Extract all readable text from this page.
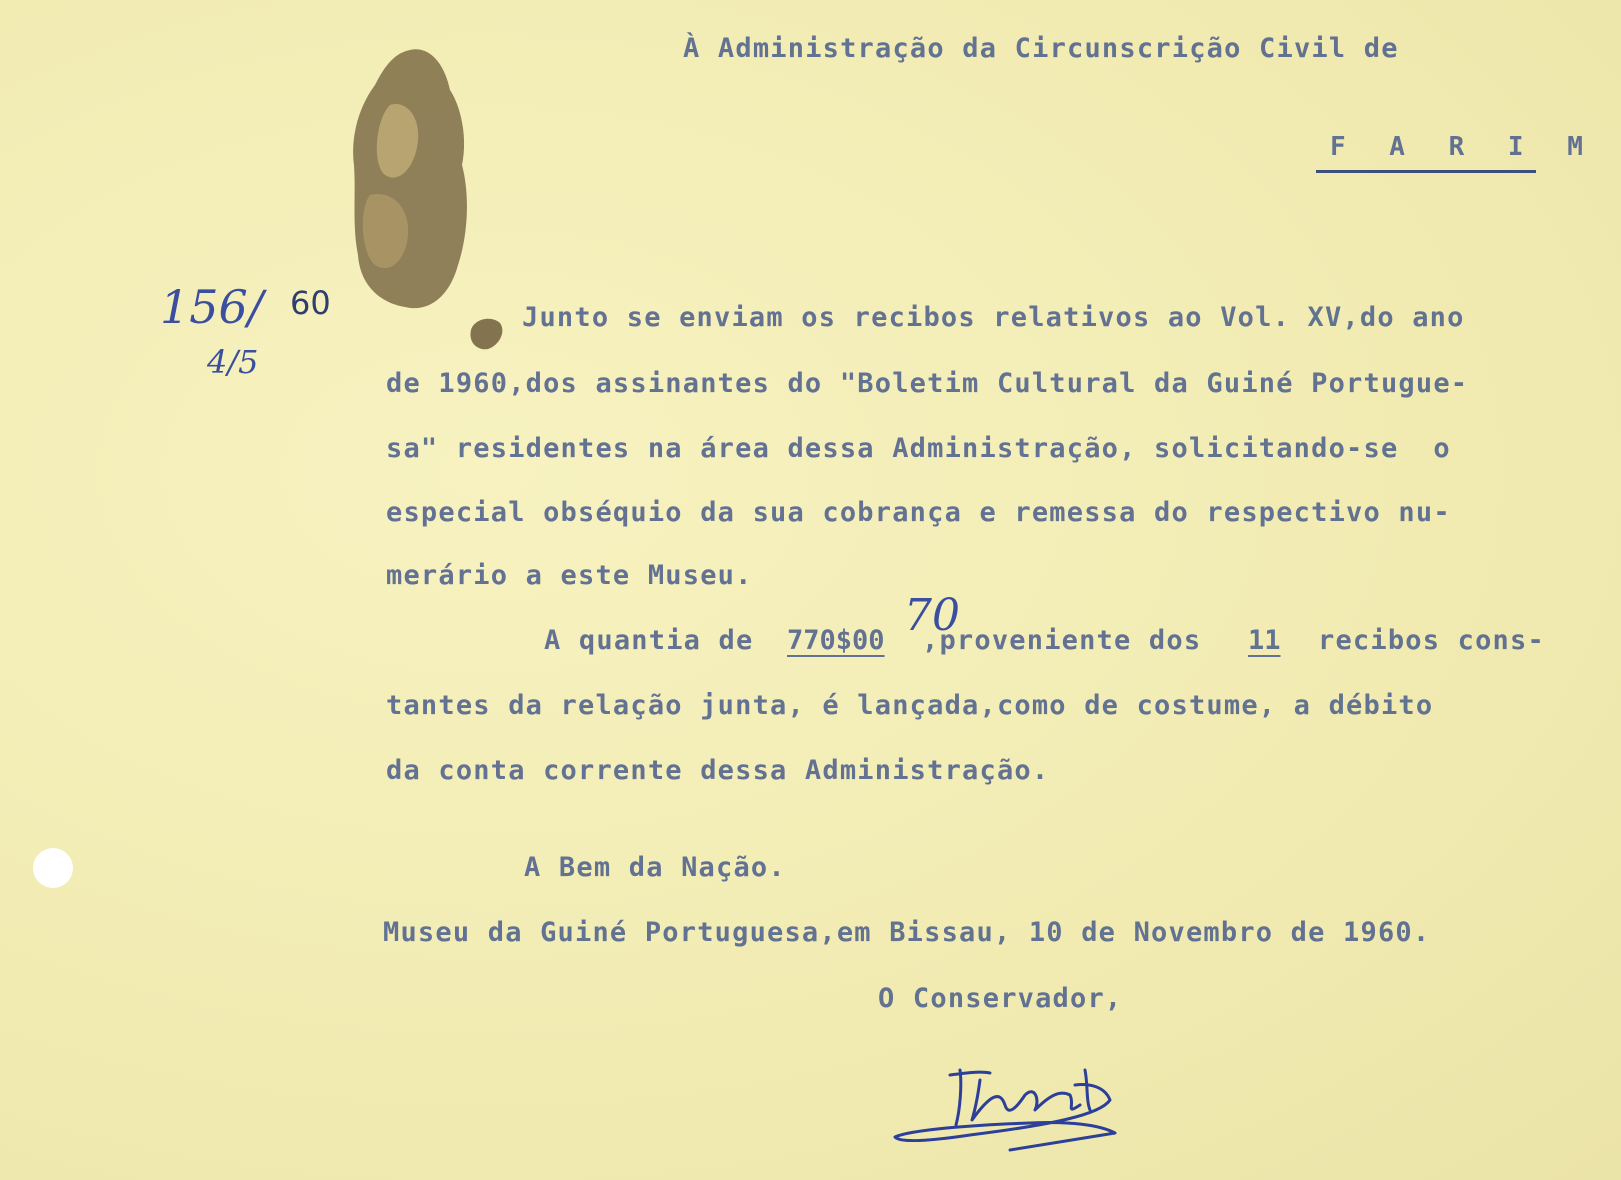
À Administração da Circunscrição Civil de
F A R I M
156/ 60
4/5
Junto se enviam os recibos relativos ao Vol. XV,do ano
de 1960,dos assinantes do "Boletim Cultural da Guiné Portugue-
sa" residentes na área dessa Administração, solicitando-se  o
especial obséquio da sua cobrança e remessa do respectivo nu-
merário a este Museu.
70
A quantia de 770$00 ,proveniente dos 11 recibos cons-
tantes da relação junta, é lançada,como de costume, a débito
da conta corrente dessa Administração.
A Bem da Nação.
Museu da Guiné Portuguesa,em Bissau, 10 de Novembro de 1960.
O Conservador,
